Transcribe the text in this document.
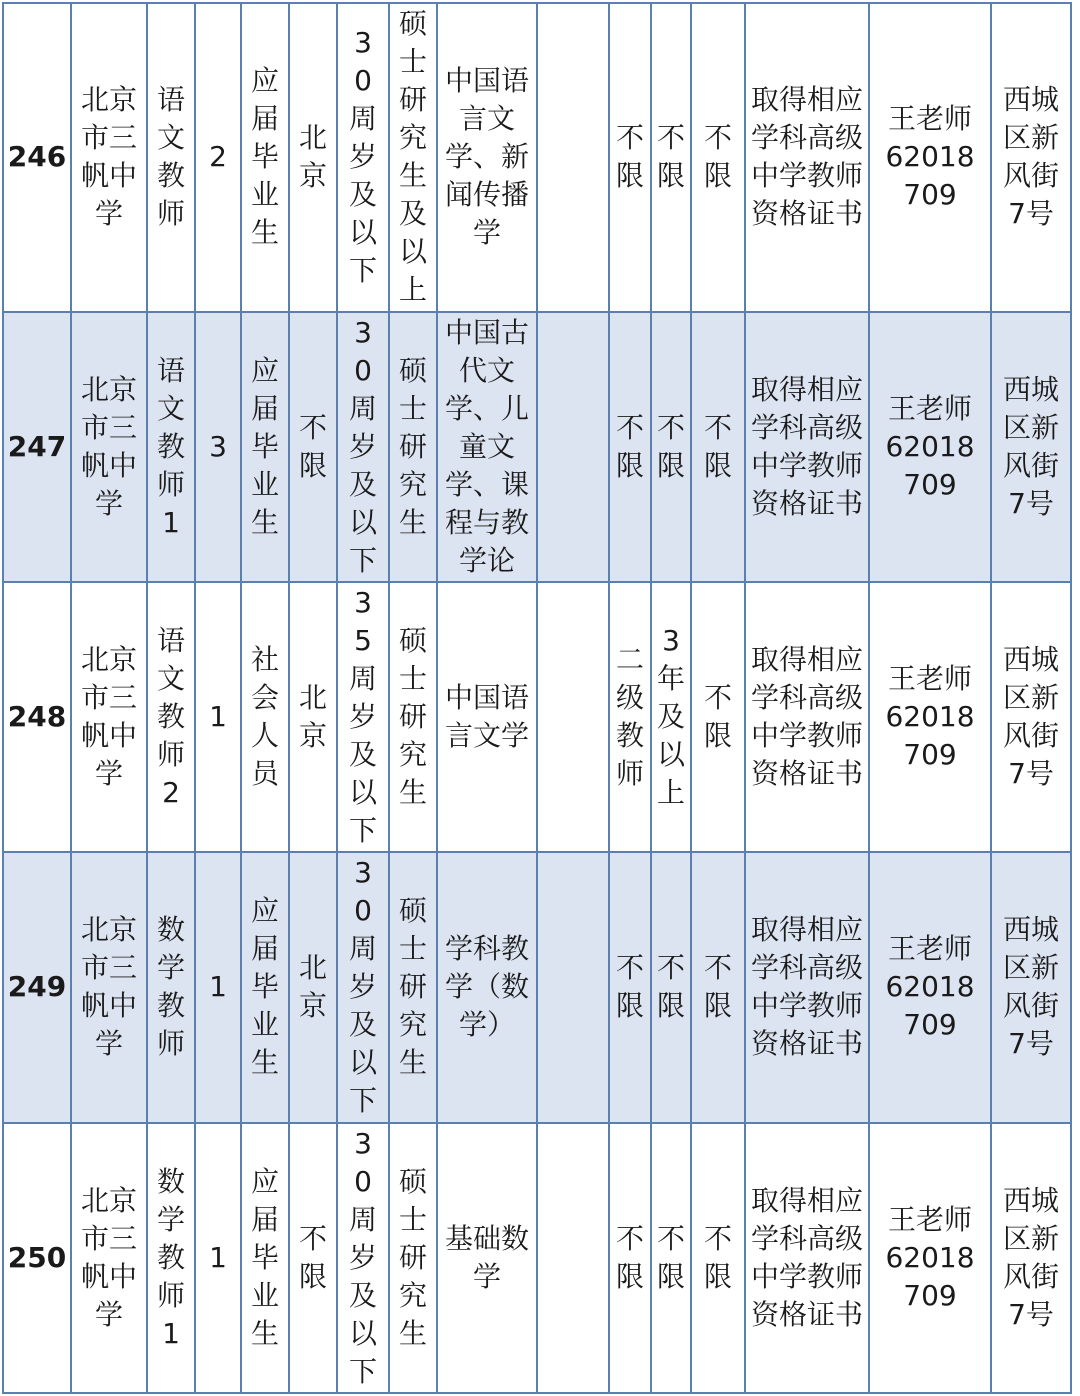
246	北京市三帆中学	语文教师	2	应届毕业生	北京	30周岁及以下	硕士研究生及以上	中国语言文学、新闻传播学		不限	不限	不限	取得相应学科高级中学教师资格证书	王老师62018709	西城区新风街7号

247	北京市三帆中学	语文教师1	3	应届毕业生	不限	30周岁及以下	硕士研究生	中国古代文学、儿童文学、课程与教学论		不限	不限	不限	取得相应学科高级中学教师资格证书	王老师62018709	西城区新风街7号

248	北京市三帆中学	语文教师2	1	社会人员	北京	35周岁及以下	硕士研究生	中国语言文学		二级教师	3年及以上	不限	取得相应学科高级中学教师资格证书	王老师62018709	西城区新风街7号

249	北京市三帆中学	数学教师	1	应届毕业生	北京	30周岁及以下	硕士研究生	学科教学（数学）		不限	不限	不限	取得相应学科高级中学教师资格证书	王老师62018709	西城区新风街7号

250	北京市三帆中学	数学教师1	1	应届毕业生	不限	30周岁及以下	硕士研究生	基础数学		不限	不限	不限	取得相应学科高级中学教师资格证书	王老师62018709	西城区新风街7号
